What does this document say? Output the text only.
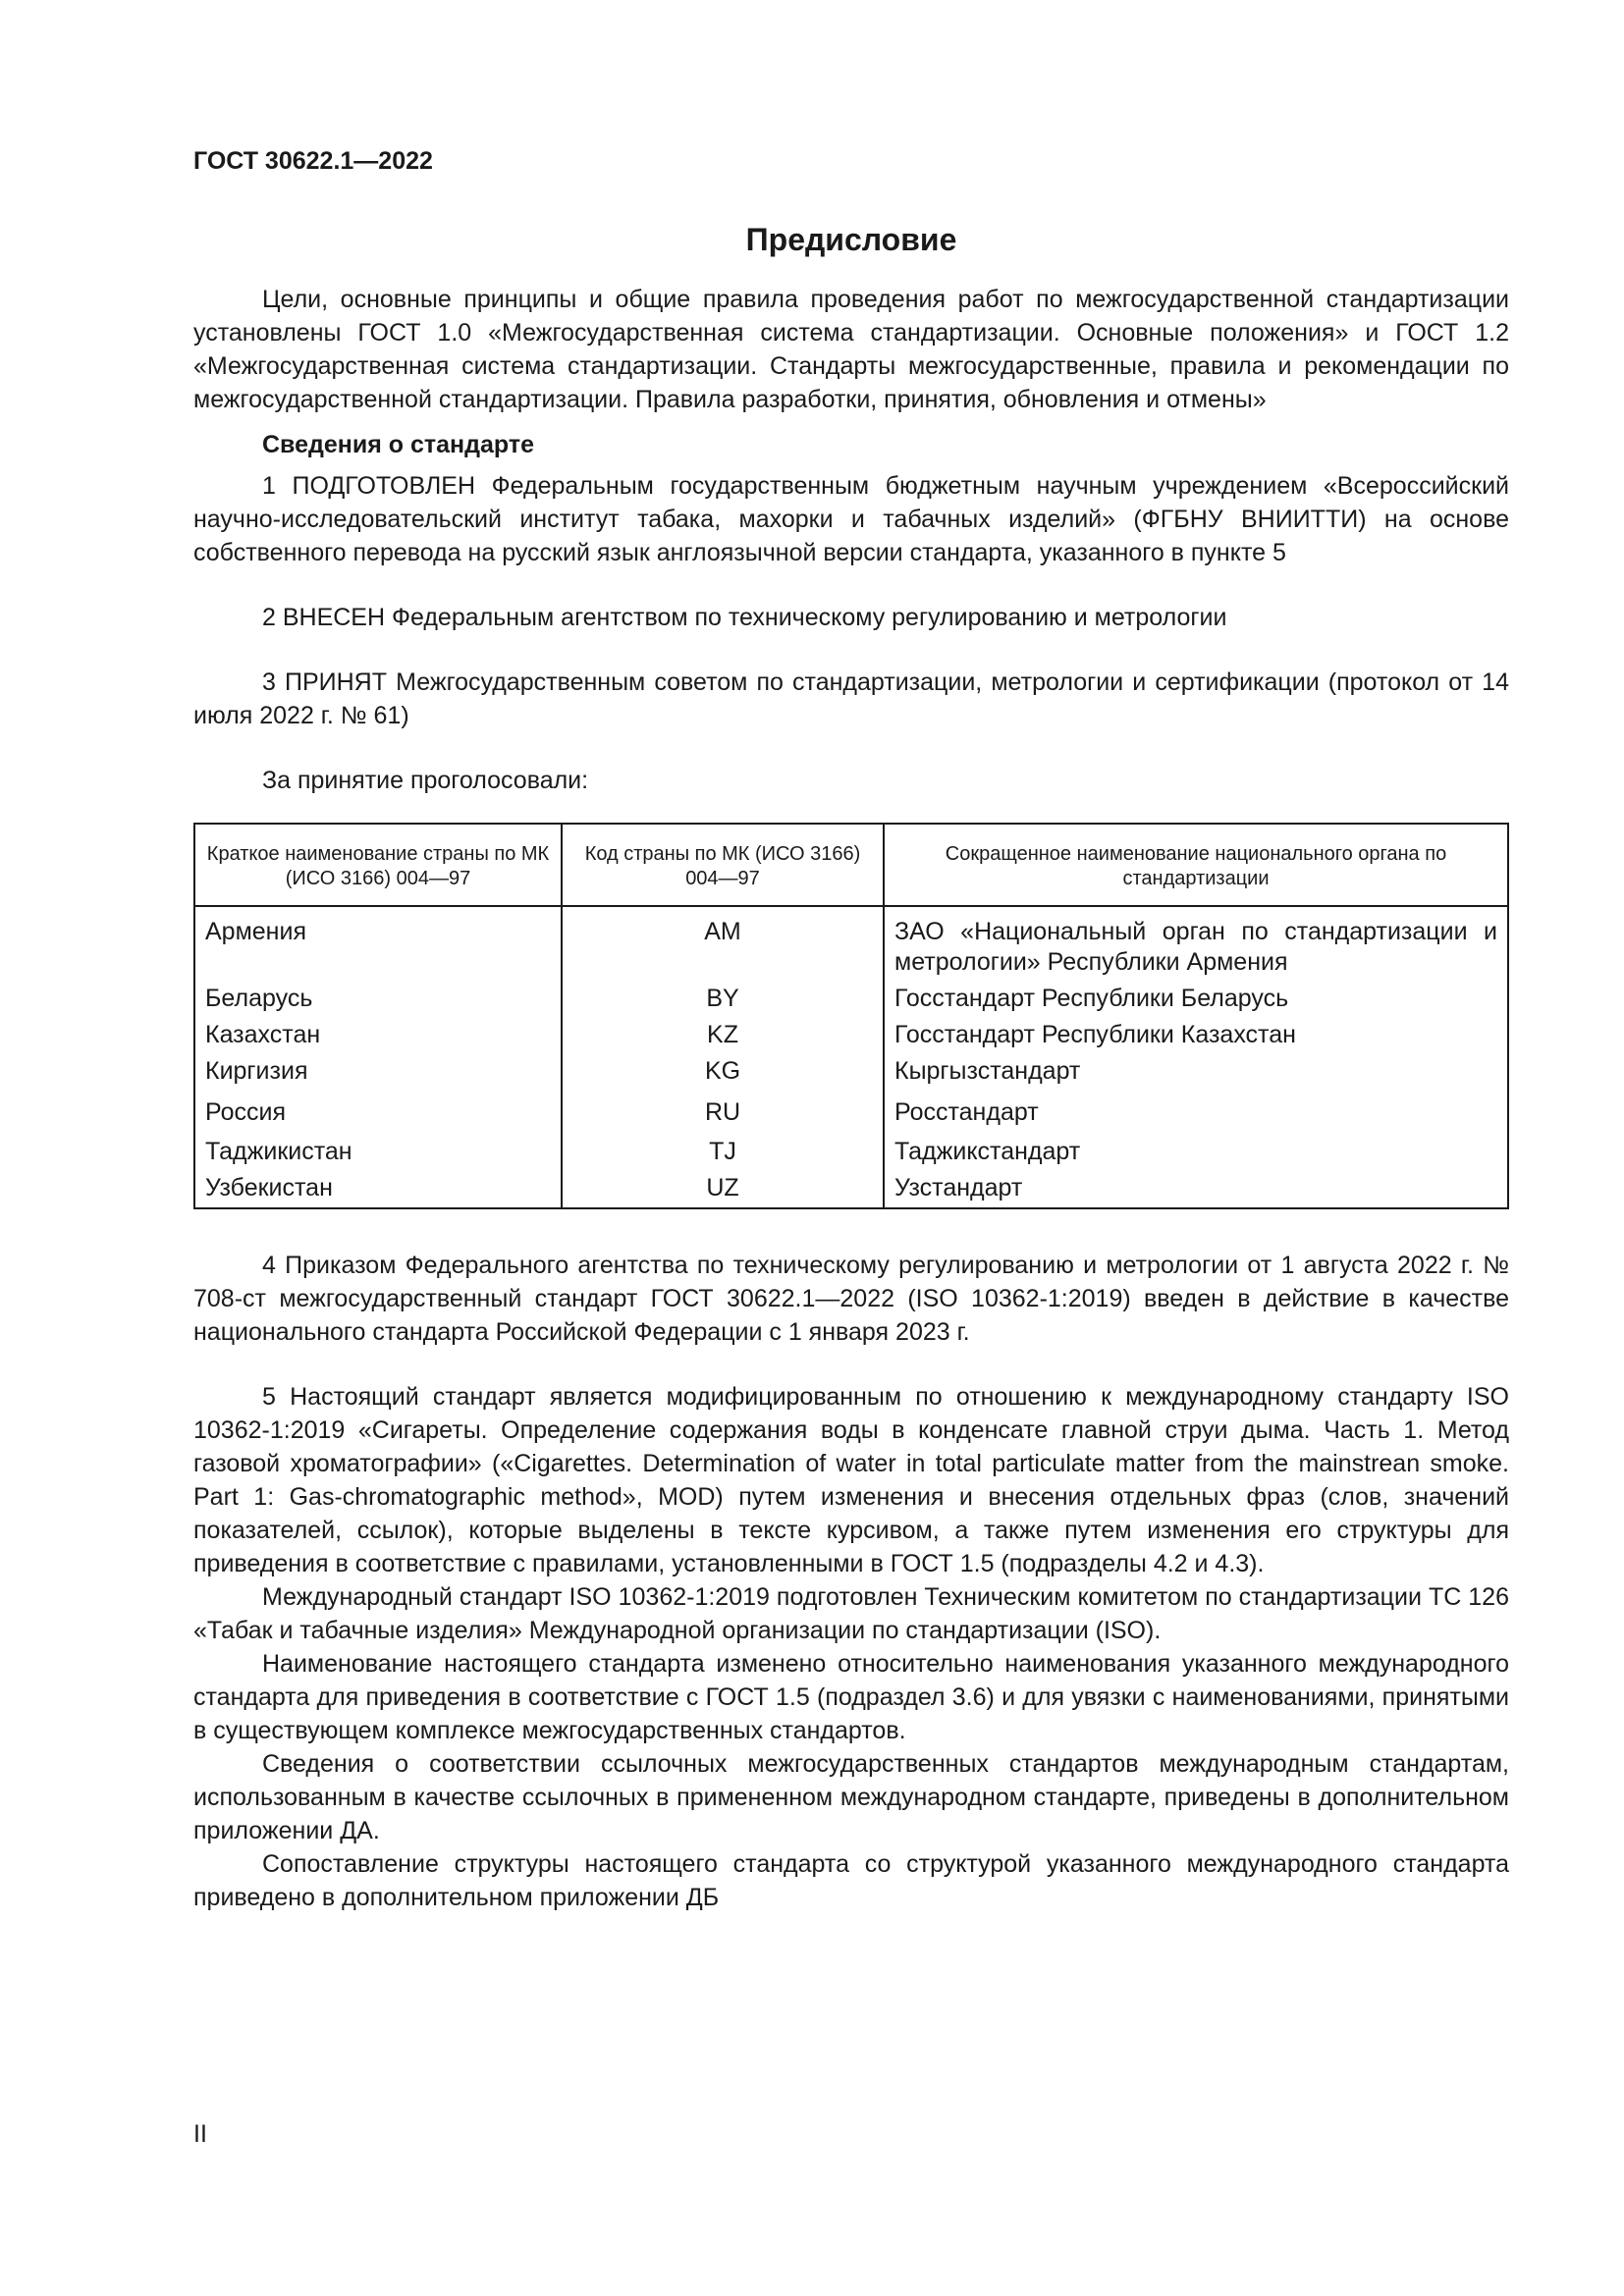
ГОСТ 30622.1—2022
Предисловие

Цели, основные принципы и общие правила проведения работ по межгосударственной стандартизации установлены ГОСТ 1.0 «Межгосударственная система стандартизации. Основные положения» и ГОСТ 1.2 «Межгосударственная система стандартизации. Стандарты межгосударственные, правила и рекомендации по межгосударственной стандартизации. Правила разработки, принятия, обновления и отмены»

Сведения о стандарте

1 ПОДГОТОВЛЕН Федеральным государственным бюджетным научным учреждением «Всероссийский научно-исследовательский институт табака, махорки и табачных изделий» (ФГБНУ ВНИИТТИ) на основе собственного перевода на русский язык англоязычной версии стандарта, указанного в пункте 5

2 ВНЕСЕН Федеральным агентством по техническому регулированию и метрологии

3 ПРИНЯТ Межгосударственным советом по стандартизации, метрологии и сертификации (протокол от 14 июля 2022 г. № 61)

За принятие проголосовали:

Краткое наименование страны по МК (ИСО 3166) 004—97	Код страны по МК (ИСО 3166) 004—97	Сокращенное наименование национального органа по стандартизации
Армения	AM	ЗАО «Национальный орган по стандартизации и метрологии» Республики Армения
Беларусь	BY	Госстандарт Республики Беларусь
Казахстан	KZ	Госстандарт Республики Казахстан
Киргизия	KG	Кыргызстандарт
Россия	RU	Росстандарт
Таджикистан	TJ	Таджикстандарт
Узбекистан	UZ	Узстандарт

4 Приказом Федерального агентства по техническому регулированию и метрологии от 1 августа 2022 г. № 708-ст межгосударственный стандарт ГОСТ 30622.1—2022 (ISO 10362-1:2019) введен в действие в качестве национального стандарта Российской Федерации с 1 января 2023 г.

5 Настоящий стандарт является модифицированным по отношению к международному стандарту ISO 10362-1:2019 «Сигареты. Определение содержания воды в конденсате главной струи дыма. Часть 1. Метод газовой хроматографии» («Cigarettes. Determination of water in total particulate matter from the mainstrean smoke. Part 1: Gas-chromatographic method», MOD) путем изменения и внесения отдельных фраз (слов, значений показателей, ссылок), которые выделены в тексте курсивом, а также путем изменения его структуры для приведения в соответствие с правилами, установленными в ГОСТ 1.5 (подразделы 4.2 и 4.3).

Международный стандарт ISO 10362-1:2019 подготовлен Техническим комитетом по стандартизации ТС 126 «Табак и табачные изделия» Международной организации по стандартизации (ISO).

Наименование настоящего стандарта изменено относительно наименования указанного международного стандарта для приведения в соответствие с ГОСТ 1.5 (подраздел 3.6) и для увязки с наименованиями, принятыми в существующем комплексе межгосударственных стандартов.

Сведения о соответствии ссылочных межгосударственных стандартов международным стандартам, использованным в качестве ссылочных в примененном международном стандарте, приведены в дополнительном приложении ДА.

Сопоставление структуры настоящего стандарта со структурой указанного международного стандарта приведено в дополнительном приложении ДБ

II
